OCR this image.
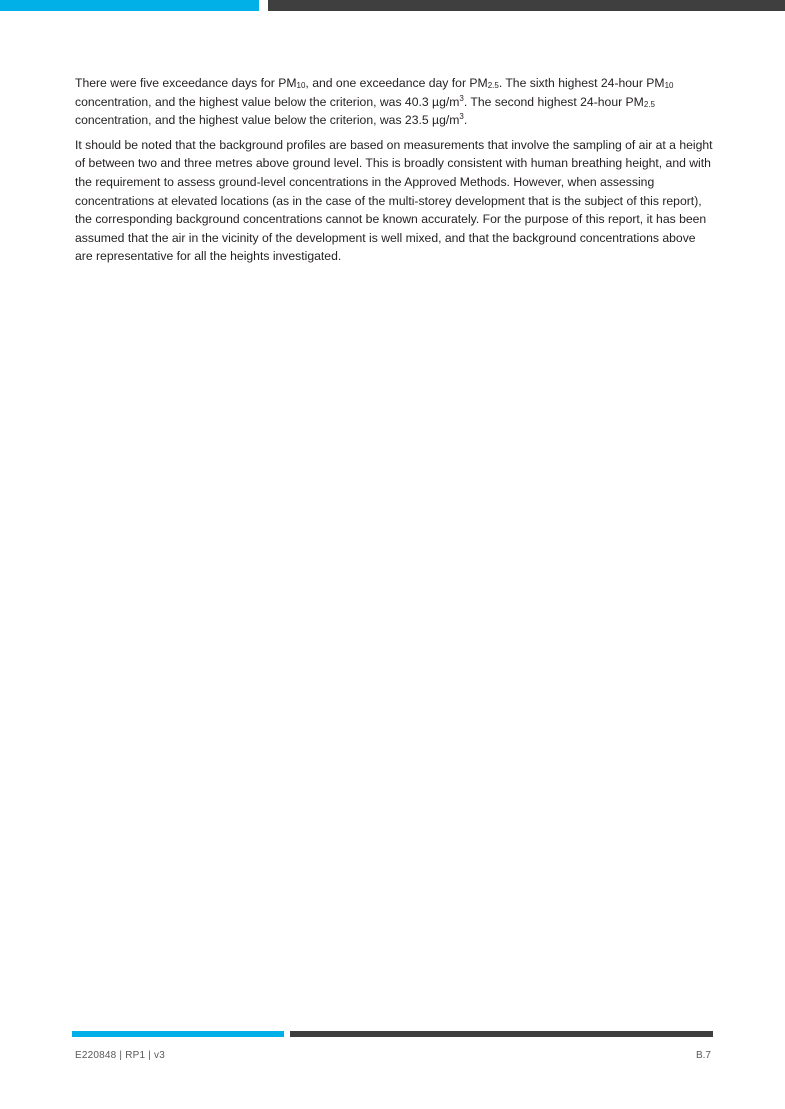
There were five exceedance days for $PM_{10}$, and one exceedance day for $PM_{2.5}$. The sixth highest 24-hour $PM_{10}$ concentration, and the highest value below the criterion, was 40.3 $\mu g/m^3$. The second highest 24-hour $PM_{2.5}$ concentration, and the highest value below the criterion, was 23.5 $\mu g/m^3$.

It should be noted that the background profiles are based on measurements that involve the sampling of air at a height of between two and three metres above ground level. This is broadly consistent with human breathing height, and with the requirement to assess ground-level concentrations in the Approved Methods. However, when assessing concentrations at elevated locations (as in the case of the multi-storey development that is the subject of this report), the corresponding background concentrations cannot be known accurately. For the purpose of this report, it has been assumed that the air in the vicinity of the development is well mixed, and that the background concentrations above are representative for all the heights investigated.

E220848 | RP1 | v3	B.7
